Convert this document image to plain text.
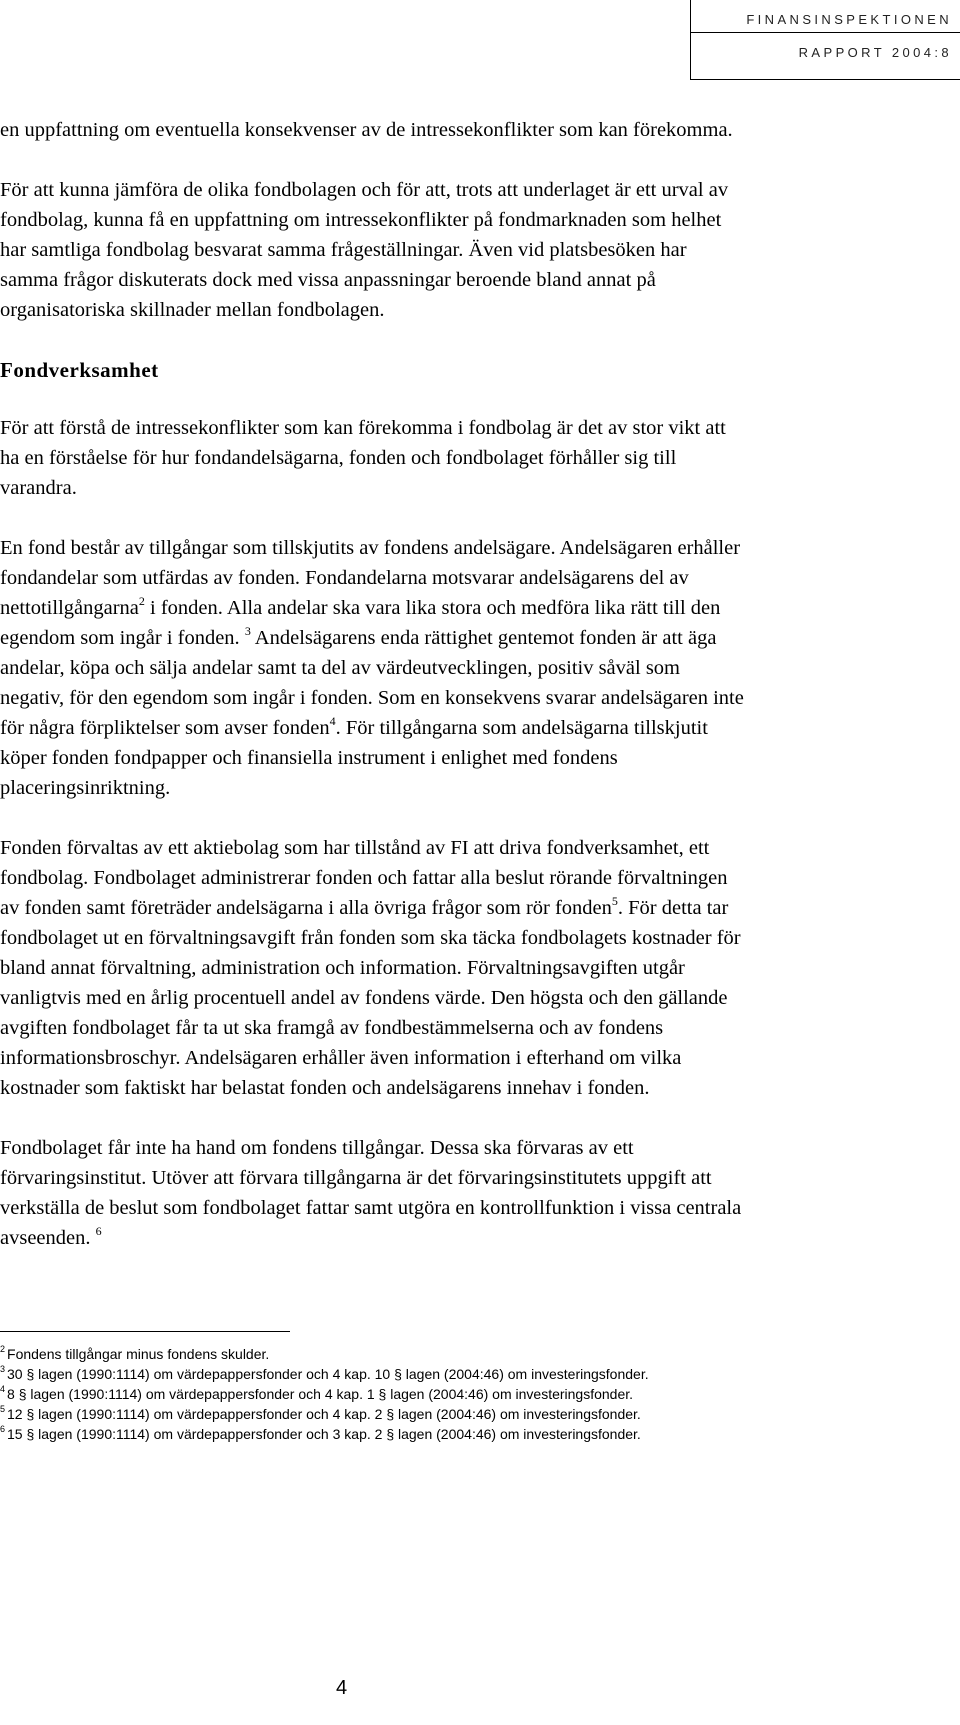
FINANSINSPEKTIONEN
RAPPORT 2004:8

en uppfattning om eventuella konsekvenser av de intressekonflikter som kan förekomma.

För att kunna jämföra de olika fondbolagen och för att, trots att underlaget är ett urval av fondbolag, kunna få en uppfattning om intressekonflikter på fondmarknaden som helhet har samtliga fondbolag besvarat samma frågeställningar. Även vid platsbesöken har samma frågor diskuterats dock med vissa anpassningar beroende bland annat på organisatoriska skillnader mellan fondbolagen.

Fondverksamhet

För att förstå de intressekonflikter som kan förekomma i fondbolag är det av stor vikt att ha en förståelse för hur fondandelsägarna, fonden och fondbolaget förhåller sig till varandra.

En fond består av tillgångar som tillskjutits av fondens andelsägare. Andelsägaren erhåller fondandelar som utfärdas av fonden. Fondandelarna motsvarar andelsägarens del av nettotillgångarna$^2$ i fonden. Alla andelar ska vara lika stora och medföra lika rätt till den egendom som ingår i fonden. $^3$ Andelsägarens enda rättighet gentemot fonden är att äga andelar, köpa och sälja andelar samt ta del av värdeutvecklingen, positiv såväl som negativ, för den egendom som ingår i fonden. Som en konsekvens svarar andelsägaren inte för några förpliktelser som avser fonden$^4$. För tillgångarna som andelsägarna tillskjutit köper fonden fondpapper och finansiella instrument i enlighet med fondens placeringsinriktning.

Fonden förvaltas av ett aktiebolag som har tillstånd av FI att driva fondverksamhet, ett fondbolag. Fondbolaget administrerar fonden och fattar alla beslut rörande förvaltningen av fonden samt företräder andelsägarna i alla övriga frågor som rör fonden$^5$. För detta tar fondbolaget ut en förvaltningsavgift från fonden som ska täcka fondbolagets kostnader för bland annat förvaltning, administration och information. Förvaltningsavgiften utgår vanligtvis med en årlig procentuell andel av fondens värde. Den högsta och den gällande avgiften fondbolaget får ta ut ska framgå av fondbestämmelserna och av fondens informationsbroschyr. Andelsägaren erhåller även information i efterhand om vilka kostnader som faktiskt har belastat fonden och andelsägarens innehav i fonden.

Fondbolaget får inte ha hand om fondens tillgångar. Dessa ska förvaras av ett förvaringsinstitut. Utöver att förvara tillgångarna är det förvaringsinstitutets uppgift att verkställa de beslut som fondbolaget fattar samt utgöra en kontrollfunktion i vissa centrala avseenden. $^6$

$^2$ Fondens tillgångar minus fondens skulder.
$^3$ 30 § lagen (1990:1114) om värdepappersfonder och 4 kap. 10 § lagen (2004:46) om investeringsfonder.
$^4$ 8 § lagen (1990:1114) om värdepappersfonder och 4 kap. 1 § lagen (2004:46) om investeringsfonder.
$^5$ 12 § lagen (1990:1114) om värdepappersfonder och 4 kap. 2 § lagen (2004:46) om investeringsfonder.
$^6$ 15 § lagen (1990:1114) om värdepappersfonder och 3 kap. 2 § lagen (2004:46) om investeringsfonder.
4
